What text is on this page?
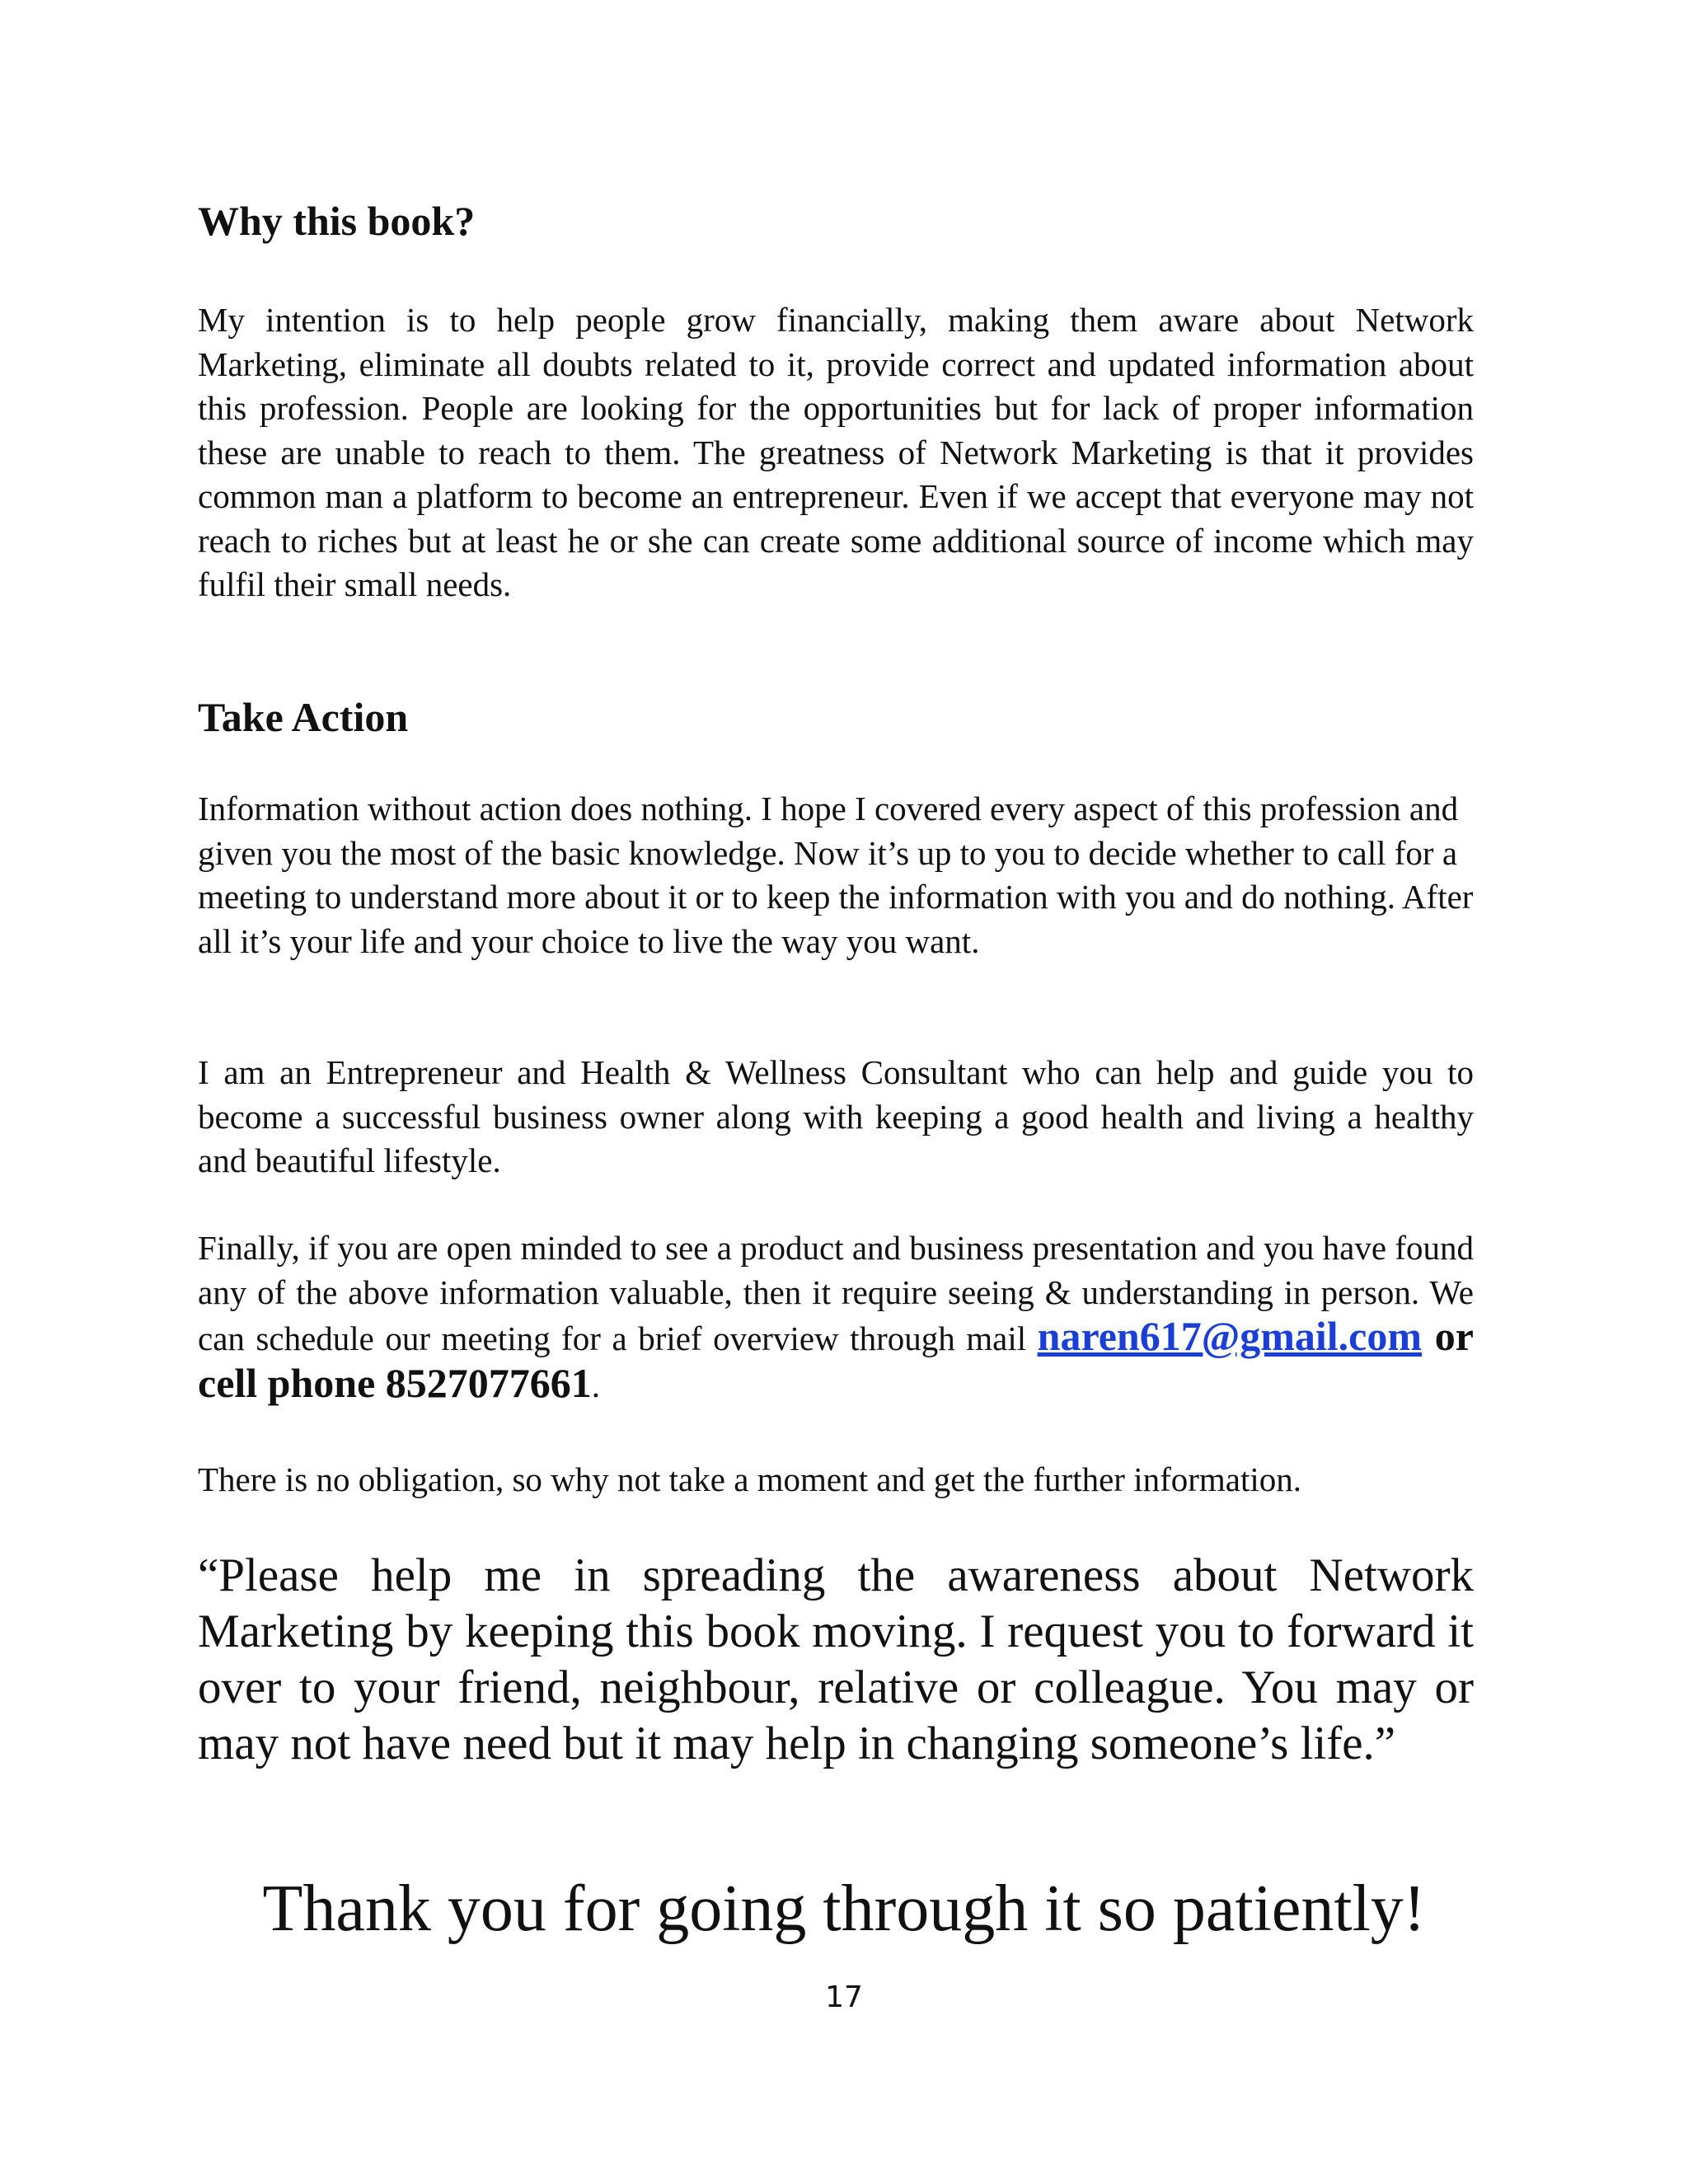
Why this book?

My intention is to help people grow financially, making them aware about Network Marketing, eliminate all doubts related to it, provide correct and updated information about this profession. People are looking for the opportunities but for lack of proper information these are unable to reach to them. The greatness of Network Marketing is that it provides common man a platform to become an entrepreneur. Even if we accept that everyone may not reach to riches but at least he or she can create some additional source of income which may fulfil their small needs.

Take Action

Information without action does nothing. I hope I covered every aspect of this profession and given you the most of the basic knowledge. Now it’s up to you to decide whether to call for a meeting to understand more about it or to keep the information with you and do nothing. After all it’s your life and your choice to live the way you want.

I am an Entrepreneur and Health & Wellness Consultant who can help and guide you to become a successful business owner along with keeping a good health and living a healthy and beautiful lifestyle.

Finally, if you are open minded to see a product and business presentation and you have found any of the above information valuable, then it require seeing & understanding in person. We can schedule our meeting for a brief overview through mail naren617@gmail.com or cell phone 8527077661.

There is no obligation, so why not take a moment and get the further information.

“Please help me in spreading the awareness about Network Marketing by keeping this book moving. I request you to forward it over to your friend, neighbour, relative or colleague. You may or may not have need but it may help in changing someone’s life.”

Thank you for going through it so patiently!

17
